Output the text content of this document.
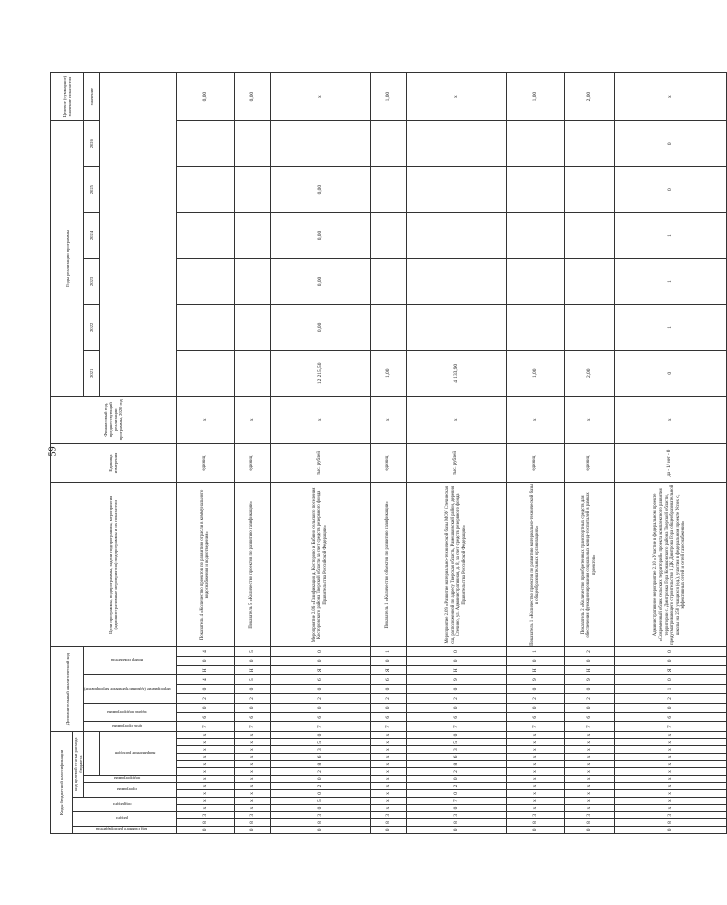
59
Коды бюджетной классификации														Дополнительный аналитический код									Цели программы, подпрограммы, задачи подпрограммы, мероприятия (административные мероприятия) подпрограммы и их показатели	Единица измерения	Финансовый год, предшествующий реализации программы, 2020 год	Годы реализации программы						Целевое (суммарное) значение показателя
код главного распорядителя	раздел		подраздел		код целевой статьи расхода бюджета																											
					программа		подпрограмма							цель программы	задача подпрограммы		мероприятие (административное мероприятие)			номер показателя						2021	2022	2023	2024	2025	2026	значение
								направление расходов																								
0	8	3	х	х	х	х	х	х	х	х	х	х	х	7	6	0	2	0	4	Н	0	4	Показатель 4 «Количество проектов по развитию отрасли в коммунального водоснабжения и водоотведения»	единиц	х							0,00
0	8	3	х	х	х	х	х	х	х	х	х	х	х	7	6	0	2	0	5	Н	0	5	Показатель 5 «Количество проектов по развитию газификации»	единиц	х							0,00
0	8	3	0	5	0	2	0	2	8	6	3	5	0	7	6	0	2	0	6	Я	0	0	Мероприятие 2.06 «Газификация д. Косторово и Бабино сельского поселения Косторовского района Тверской области за счет средств резервного фонда Правительства Российской Федерации»	тыс. рублей	х	12 215,50	0,00	0,00	0,00	0,00		х
0	8	3	х	х	х	х	х	х	х	х	х	х	х	7	6	0	2	0	6	Я	0	1	Показатель 1 «Количество объектов по развитию газификации»	единиц	х	1,00						1,00
0	8	3	0	7	0	2	0	2	8	6	3	5	0	7	6	0	2	0	9	Н	0	0	Мероприятие 2.09 «Развитие материально-технической базы МОУ Стечинская сш, расположенной по адресу Тверская область, Рамешковский район, деревня Стечино, ул. Административная, д. 8, за счет средств резервного фонда Правительства Российской Федерации»	тыс. рублей	х	4 133,90						х
0	8	3	х	х	х	х	х	х	х	х	х	х	х	7	6	0	2	0	9	Н	0	1	Показатель 1 «Количество проектов по развитию материально-технической базы в общеобразовательных организациях»	единиц	х	1,00						1,00
0	8	3	х	х	х	х	х	х	х	х	х	х	х	7	6	0	2	0	9	Н	0	2	Показатель 2 «Количество приобретенных транспортных средств для обеспечения функционирования социальных ковид-госпиталей в рамках проектов»	единиц	х	2,00						2,00
0	8	3	х	х	х	х	х	х	х	х	х	х	х	7	6	0	2	1	0	Я	0	0	Административное мероприятие 2.10 «Участие в федеральном проекте «Современный облик сельских территорий» проекта комплексного развития территории с. Дмитровка Гора Конаковского района Тверской области, предусматривающего строительство 1 ДК Дмитрова Гора общеобразовательной школы на 250 учащихся (ед.), участия в федеральном проекте Успех с, эффективных сетей и сетей газоснабжения»	да - 1/ нет - 0	х	0	1	1	1	0	0	х
